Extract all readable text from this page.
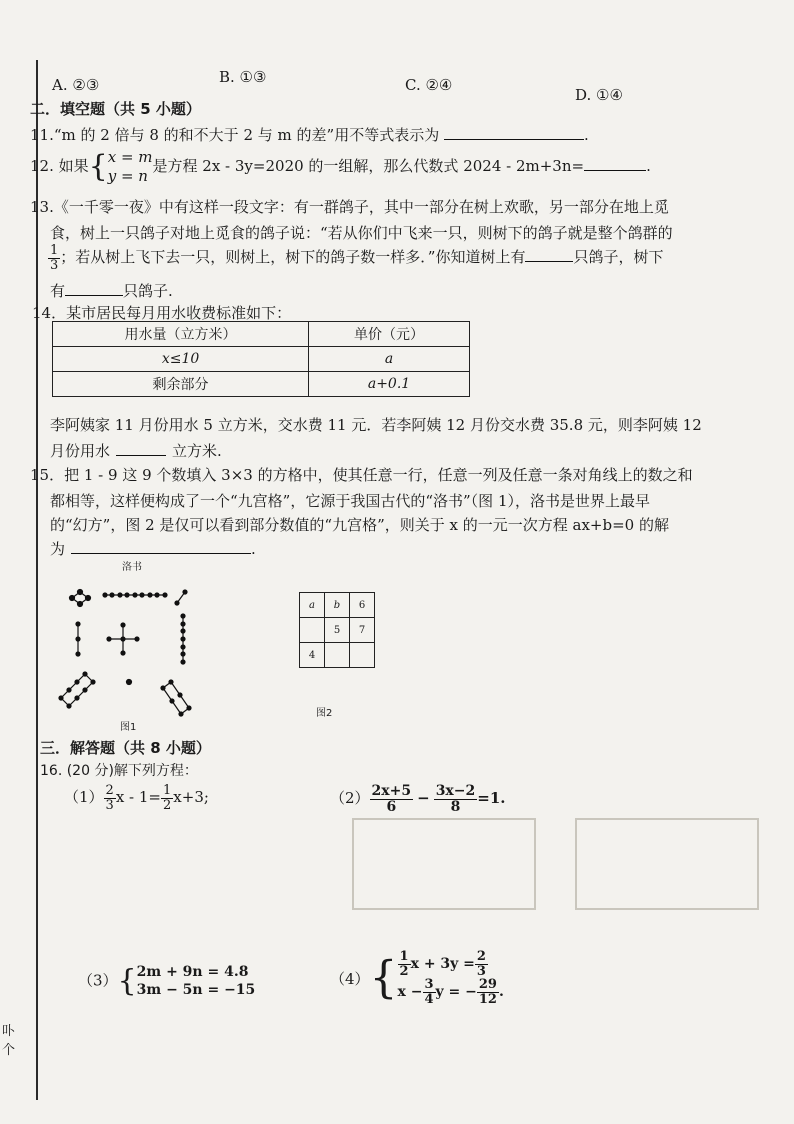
卟个
A. ②③	B. ①③	C. ②④
D. ①④
二．填空题（共 5 小题）
11.“m 的 2 倍与 8 的和不大于 2 与 m 的差”用不等式表示为	.
12. 如果{x = m
y = n是方程 2x - 3y=2020 的一组解，那么代数式 2024 - 2m+3n=	.
13.《一千零一夜》中有这样一段文字：有一群鸽子，其中一部分在树上欢歌，另一部分在地上觅
食，树上一只鸽子对地上觅食的鸽子说：“若从你们中飞来一只，则树下的鸽子就是整个鸽群的
$\frac{1}{3}$ ；若从树上飞下去一只，则树上，树下的鸽子数一样多．”你知道树上有	只鸽子，树下
有	只鸽子.
14．某市居民每月用水收费标准如下：
用水量（立方米）	单价（元）
x≤10	a
剩余部分	a+0.1
李阿姨家 11 月份用水 5 立方米，交水费 11 元．若李阿姨 12 月份交水费 35.8 元，则李阿姨 12
月份用水	立方米.
15．把 1 - 9 这 9 个数填入 3×3 的方格中，使其任意一行，任意一列及任意一条对角线上的数之和
都相等，这样便构成了一个“九宫格”，它源于我国古代的“洛书”（图 1），洛书是世界上最早
的“幻方”，图 2 是仅可以看到部分数值的“九宫格”，则关于 x 的一元一次方程 ax+b=0 的解
为	.
洛书
图1
a	b	6
	5	7
4		
图2
三．解答题（共 8 小题）
16. (20 分)解下列方程：
$(1) \frac{2}{3}$ $x - 1= \frac{1}{2} x+3$;	$(2) \frac{2x+5}{6} - \frac{3x-2}{8} =1$.
（3）{2m + 9n = 4.8
3m − 5n = −15
$(4)\{ \frac{1}{2}$ $x + 3y = \frac{2}{3}$

$x - \frac{3}{4}$ y = − $\frac{29}{12}$ .
